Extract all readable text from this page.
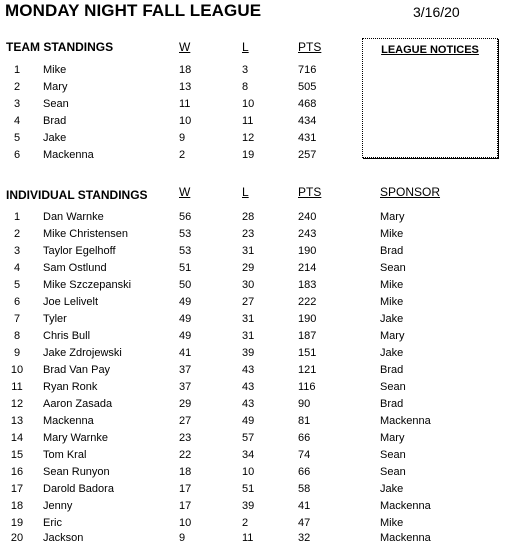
MONDAY NIGHT FALL LEAGUE	3/16/20
TEAM STANDINGS	W	L	PTS
1	Mike	18	3	716
2	Mary	13	8	505
3	Sean	11	10	468
4	Brad	10	11	434
5	Jake	9	12	431
6	Mackenna	2	19	257
LEAGUE NOTICES
INDIVIDUAL STANDINGS	W	L	PTS	SPONSOR
1	Dan Warnke	56	28	240	Mary
2	Mike Christensen	53	23	243	Mike
3	Taylor Egelhoff	53	31	190	Brad
4	Sam Ostlund	51	29	214	Sean
5	Mike Szczepanski	50	30	183	Mike
6	Joe Lelivelt	49	27	222	Mike
7	Tyler	49	31	190	Jake
8	Chris Bull	49	31	187	Mary
9	Jake Zdrojewski	41	39	151	Jake
10	Brad Van Pay	37	43	121	Brad
11	Ryan Ronk	37	43	116	Sean
12	Aaron Zasada	29	43	90	Brad
13	Mackenna	27	49	81	Mackenna
14	Mary Warnke	23	57	66	Mary
15	Tom Kral	22	34	74	Sean
16	Sean Runyon	18	10	66	Sean
17	Darold Badora	17	51	58	Jake
18	Jenny	17	39	41	Mackenna
19	Eric	10	2	47	Mike
20	Jackson	9	11	32	Mackenna
